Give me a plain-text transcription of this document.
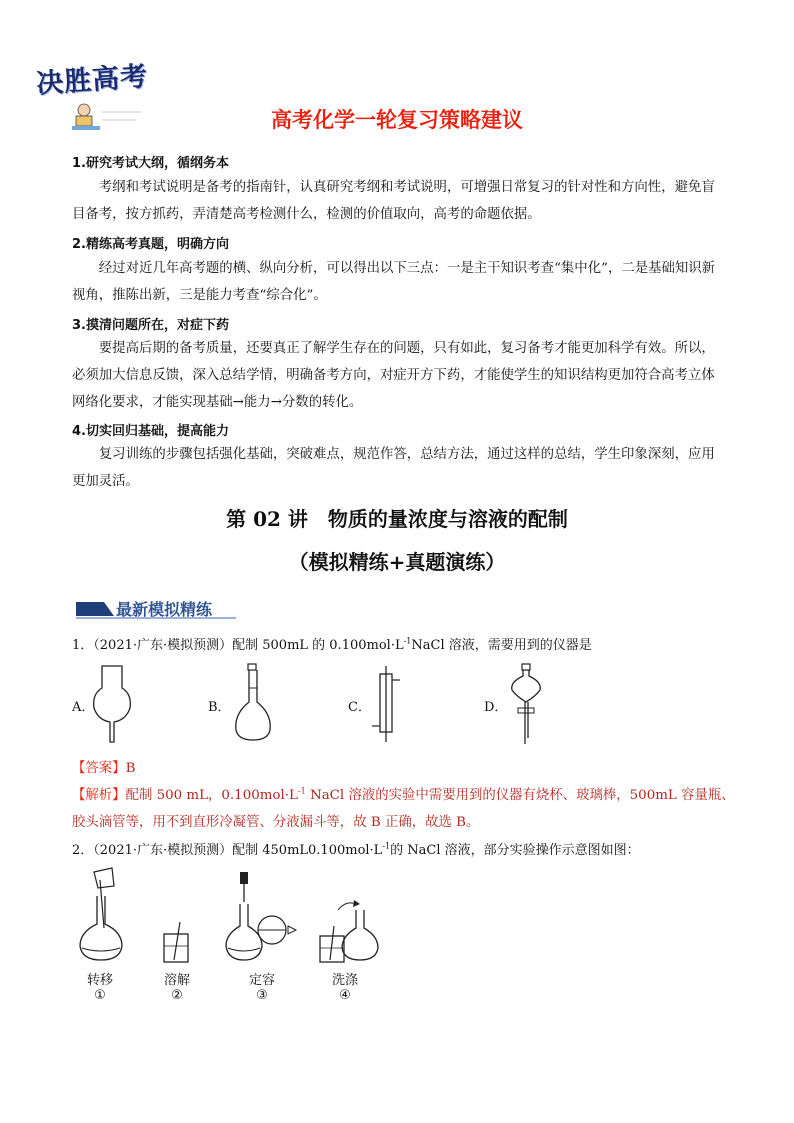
决胜高考
高考化学一轮复习策略建议
1.研究考试大纲，循纲务本
考纲和考试说明是备考的指南针，认真研究考纲和考试说明，可增强日常复习的针对性和方向性，避免盲目备考，按方抓药，弄清楚高考检测什么，检测的价值取向，高考的命题依据。
2.精练高考真题，明确方向
经过对近几年高考题的横、纵向分析，可以得出以下三点：一是主干知识考查“集中化”，二是基础知识新视角，推陈出新，三是能力考查“综合化”。
3.摸清问题所在，对症下药
要提高后期的备考质量，还要真正了解学生存在的问题，只有如此，复习备考才能更加科学有效。所以，必须加大信息反馈，深入总结学情，明确备考方向，对症开方下药，才能使学生的知识结构更加符合高考立体网络化要求，才能实现基础→能力→分数的转化。
4.切实回归基础，提高能力
复习训练的步骤包括强化基础，突破难点，规范作答，总结方法，通过这样的总结，学生印象深刻，应用更加灵活。
第 02 讲　物质的量浓度与溶液的配制
（模拟精练+真题演练）
最新模拟精练
1．（2021·广东·模拟预测）配制 500mL 的 $0.100mol\cdot L^{-1}NaCl$ 溶液，需要用到的仪器是
A．	B．	C．	D．
【答案】B
【解析】配制 500 mL，$0.100mol\cdot L^{-1}$ NaCl 溶液的实验中需要用到的仪器有烧杯、玻璃棒，500mL 容量瓶、
胶头滴管等，用不到直形冷凝管、分液漏斗等，故 B 正确，故选 B。
2．（2021·广东·模拟预测）配制 $450mL0.100mol\cdot L^{-1}$的 NaCl 溶液，部分实验操作示意图如图：
转移
①
溶解
②
定容
③
洗涤
④
